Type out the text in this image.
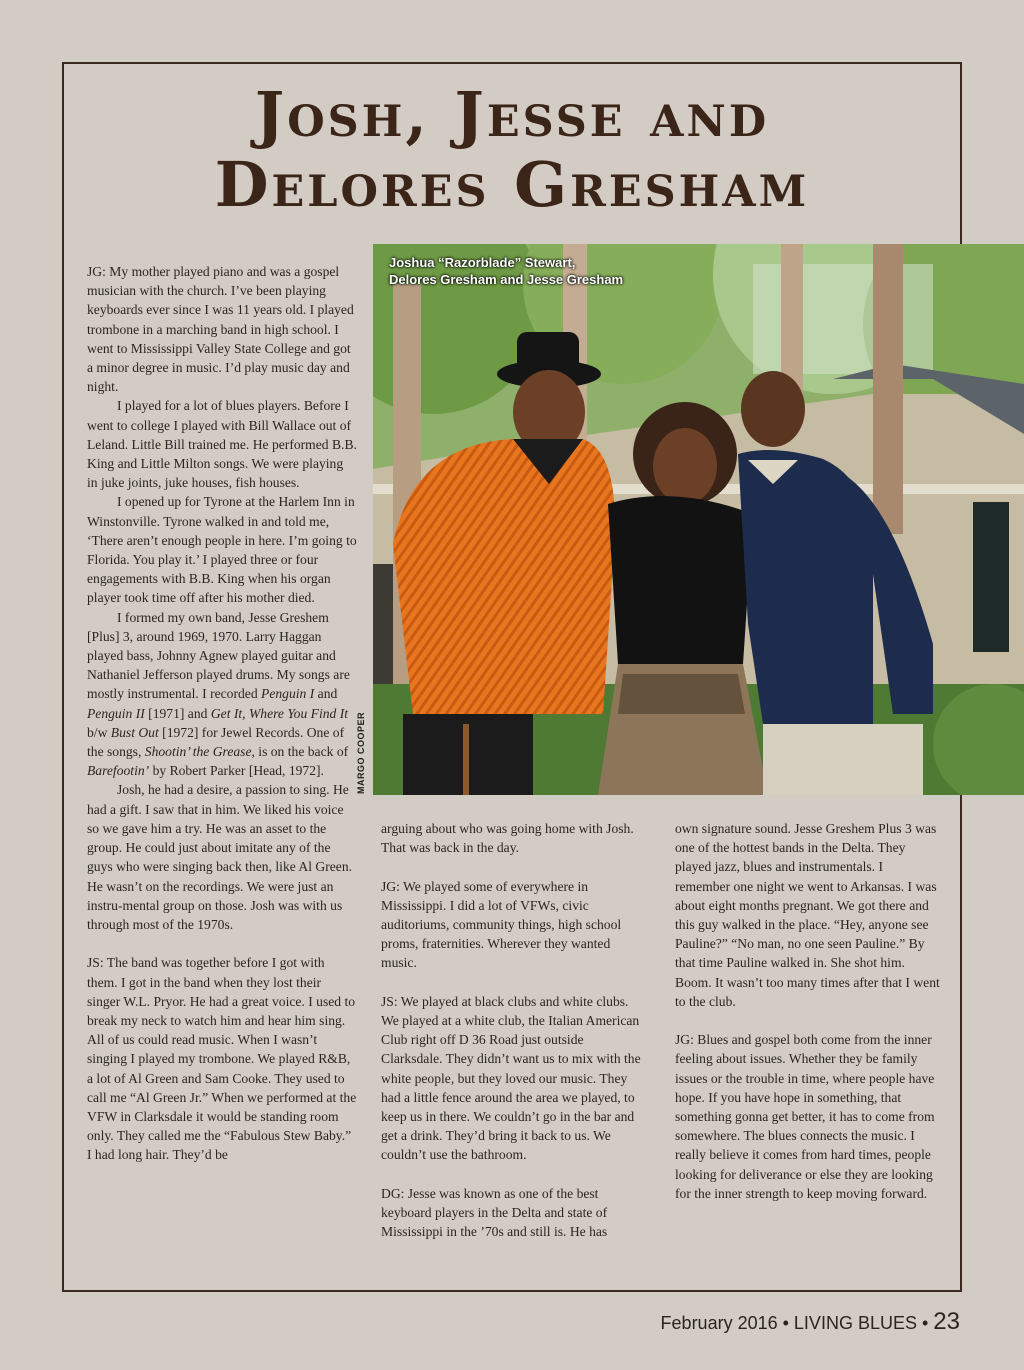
Josh, Jesse and
Delores Gresham

JG: My mother played piano and was a gospel musician with the church. I’ve been playing keyboards ever since I was 11 years old. I played trombone in a marching band in high school. I went to Mississippi Valley State College and got a minor degree in music. I’d play music day and night.

I played for a lot of blues players. Before I went to college I played with Bill Wallace out of Leland. Little Bill trained me. He performed B.B. King and Little Milton songs. We were playing in juke joints, juke houses, fish houses.

I opened up for Tyrone at the Harlem Inn in Winstonville. Tyrone walked in and told me, ‘There aren’t enough people in here. I’m going to Florida. You play it.’ I played three or four engagements with B.B. King when his organ player took time off after his mother died.

I formed my own band, Jesse Greshem [Plus] 3, around 1969, 1970. Larry Haggan played bass, Johnny Agnew played guitar and Nathaniel Jefferson played drums. My songs are mostly instrumental. I recorded Penguin I and Penguin II [1971] and Get It, Where You Find It b/w Bust Out [1972] for Jewel Records. One of the songs, Shootin’ the Grease, is on the back of Barefootin’ by Robert Parker [Head, 1972].

Josh, he had a desire, a passion to sing. He had a gift. I saw that in him. We liked his voice so we gave him a try. He was an asset to the group. He could just about imitate any of the guys who were singing back then, like Al Green. He wasn’t on the recordings. We were just an instru-mental group on those. Josh was with us through most of the 1970s.

JS: The band was together before I got with them. I got in the band when they lost their singer W.L. Pryor. He had a great voice. I used to break my neck to watch him and hear him sing. All of us could read music. When I wasn’t singing I played my trombone. We played R&B, a lot of Al Green and Sam Cooke. They used to call me “Al Green Jr.” When we performed at the VFW in Clarksdale it would be standing room only. They called me the “Fabulous Stew Baby.” I had long hair. They’d be

Joshua “Razorblade” Stewart,
Delores Gresham and Jesse Gresham
MARGO COOPER

arguing about who was going home with Josh. That was back in the day.

JG: We played some of everywhere in Mississippi. I did a lot of VFWs, civic auditoriums, community things, high school proms, fraternities. Wherever they wanted music.

JS: We played at black clubs and white clubs. We played at a white club, the Italian American Club right off D 36 Road just outside Clarksdale. They didn’t want us to mix with the white people, but they loved our music. They had a little fence around the area we played, to keep us in there. We couldn’t go in the bar and get a drink. They’d bring it back to us. We couldn’t use the bathroom.

DG: Jesse was known as one of the best keyboard players in the Delta and state of Mississippi in the ’70s and still is. He has

own signature sound. Jesse Greshem Plus 3 was one of the hottest bands in the Delta. They played jazz, blues and instrumentals. I remember one night we went to Arkansas. I was about eight months pregnant. We got there and this guy walked in the place. “Hey, anyone see Pauline?” “No man, no one seen Pauline.” By that time Pauline walked in. She shot him. Boom. It wasn’t too many times after that I went to the club.

JG: Blues and gospel both come from the inner feeling about issues. Whether they be family issues or the trouble in time, where people have hope. If you have hope in something, that something gonna get better, it has to come from somewhere. The blues connects the music. I really believe it comes from hard times, people looking for deliverance or else they are looking for the inner strength to keep moving forward.

February 2016 • LIVING BLUES • 23
